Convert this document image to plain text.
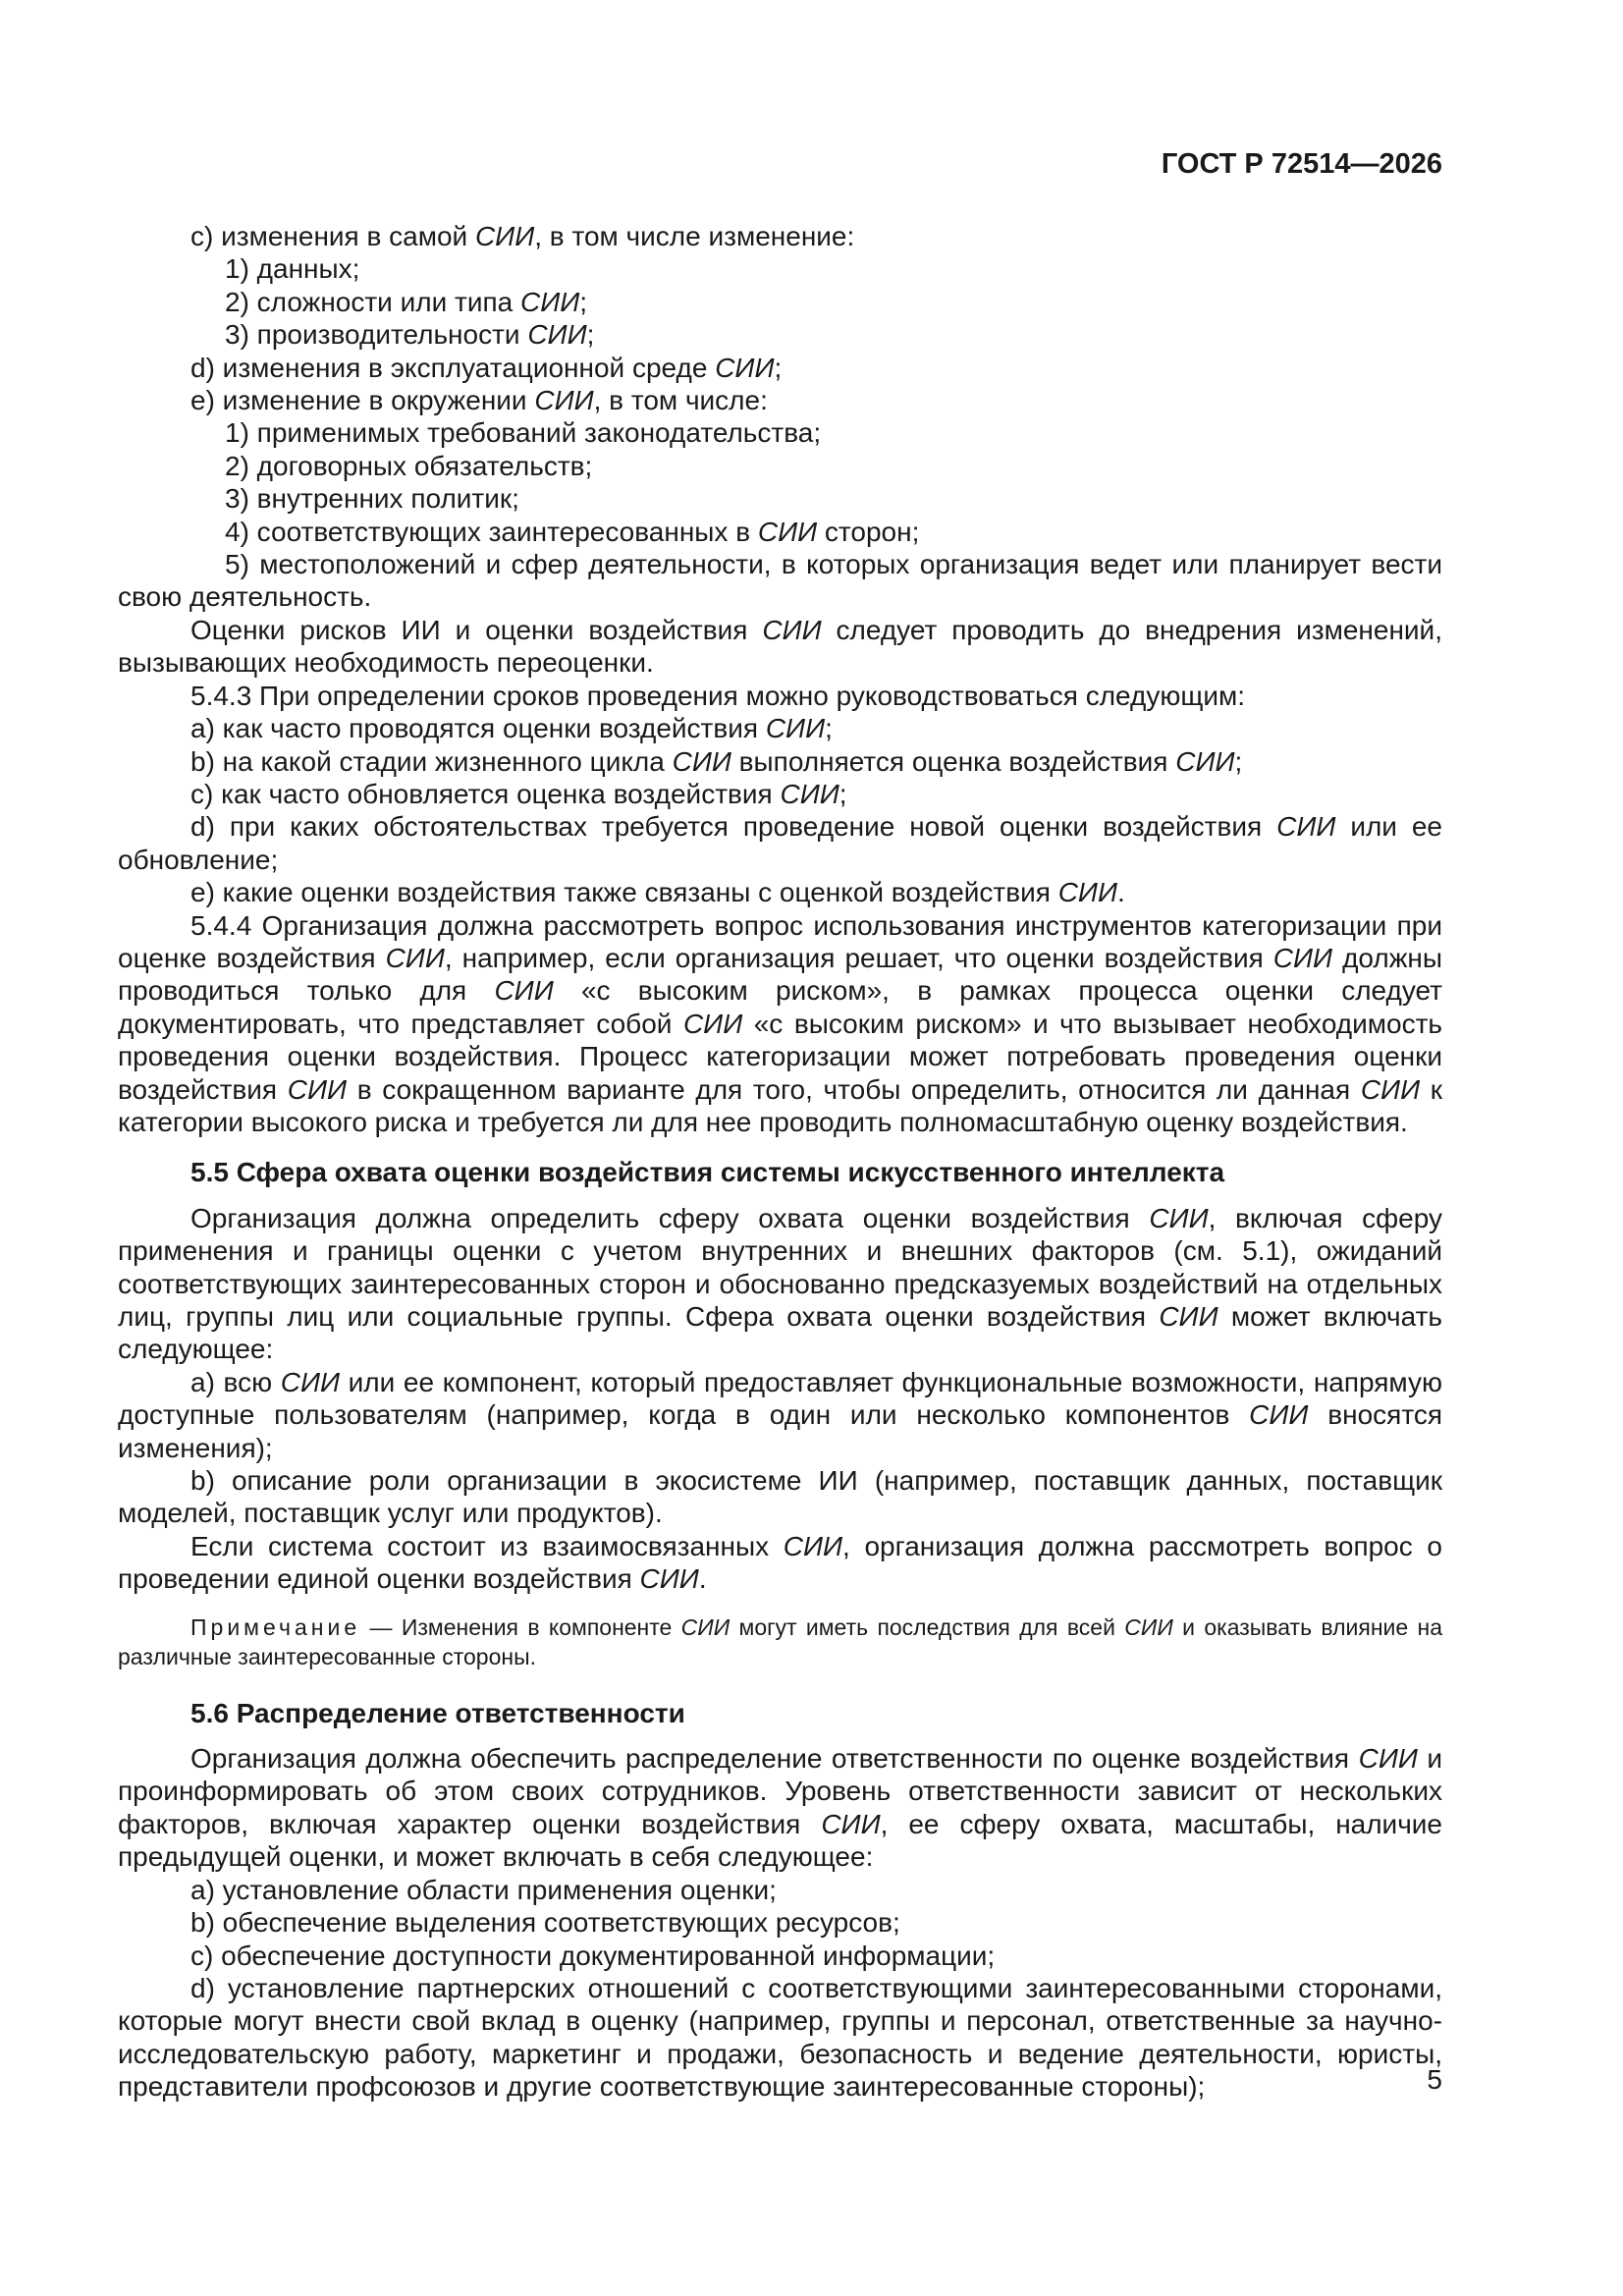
ГОСТ Р 72514—2026

c) изменения в самой СИИ, в том числе изменение:

1) данных;

2) сложности или типа СИИ;

3) производительности СИИ;

d) изменения в эксплуатационной среде СИИ;

e) изменение в окружении СИИ, в том числе:

1) применимых требований законодательства;

2) договорных обязательств;

3) внутренних политик;

4) соответствующих заинтересованных в СИИ сторон;

5) местоположений и сфер деятельности, в которых организация ведет или планирует вести свою деятельность.

Оценки рисков ИИ и оценки воздействия СИИ следует проводить до внедрения изменений, вызывающих необходимость переоценки.

5.4.3 При определении сроков проведения можно руководствоваться следующим:

a) как часто проводятся оценки воздействия СИИ;

b) на какой стадии жизненного цикла СИИ выполняется оценка воздействия СИИ;

c) как часто обновляется оценка воздействия СИИ;

d) при каких обстоятельствах требуется проведение новой оценки воздействия СИИ или ее обновление;

e) какие оценки воздействия также связаны с оценкой воздействия СИИ.

5.4.4 Организация должна рассмотреть вопрос использования инструментов категоризации при оценке воздействия СИИ, например, если организация решает, что оценки воздействия СИИ должны проводиться только для СИИ «с высоким риском», в рамках процесса оценки следует документировать, что представляет собой СИИ «с высоким риском» и что вызывает необходимость проведения оценки воздействия. Процесс категоризации может потребовать проведения оценки воздействия СИИ в сокращенном варианте для того, чтобы определить, относится ли данная СИИ к категории высокого риска и требуется ли для нее проводить полномасштабную оценку воздействия.

5.5 Сфера охвата оценки воздействия системы искусственного интеллекта

Организация должна определить сферу охвата оценки воздействия СИИ, включая сферу применения и границы оценки с учетом внутренних и внешних факторов (см. 5.1), ожиданий соответствующих заинтересованных сторон и обоснованно предсказуемых воздействий на отдельных лиц, группы лиц или социальные группы. Сфера охвата оценки воздействия СИИ может включать следующее:

a) всю СИИ или ее компонент, который предоставляет функциональные возможности, напрямую доступные пользователям (например, когда в один или несколько компонентов СИИ вносятся изменения);

b) описание роли организации в экосистеме ИИ (например, поставщик данных, поставщик моделей, поставщик услуг или продуктов).

Если система состоит из взаимосвязанных СИИ, организация должна рассмотреть вопрос о проведении единой оценки воздействия СИИ.

Примечание — Изменения в компоненте СИИ могут иметь последствия для всей СИИ и оказывать влияние на различные заинтересованные стороны.

5.6 Распределение ответственности

Организация должна обеспечить распределение ответственности по оценке воздействия СИИ и проинформировать об этом своих сотрудников. Уровень ответственности зависит от нескольких факторов, включая характер оценки воздействия СИИ, ее сферу охвата, масштабы, наличие предыдущей оценки, и может включать в себя следующее:

a) установление области применения оценки;

b) обеспечение выделения соответствующих ресурсов;

c) обеспечение доступности документированной информации;

d) установление партнерских отношений с соответствующими заинтересованными сторонами, которые могут внести свой вклад в оценку (например, группы и персонал, ответственные за научно-исследовательскую работу, маркетинг и продажи, безопасность и ведение деятельности, юристы, представители профсоюзов и другие соответствующие заинтересованные стороны);	5
